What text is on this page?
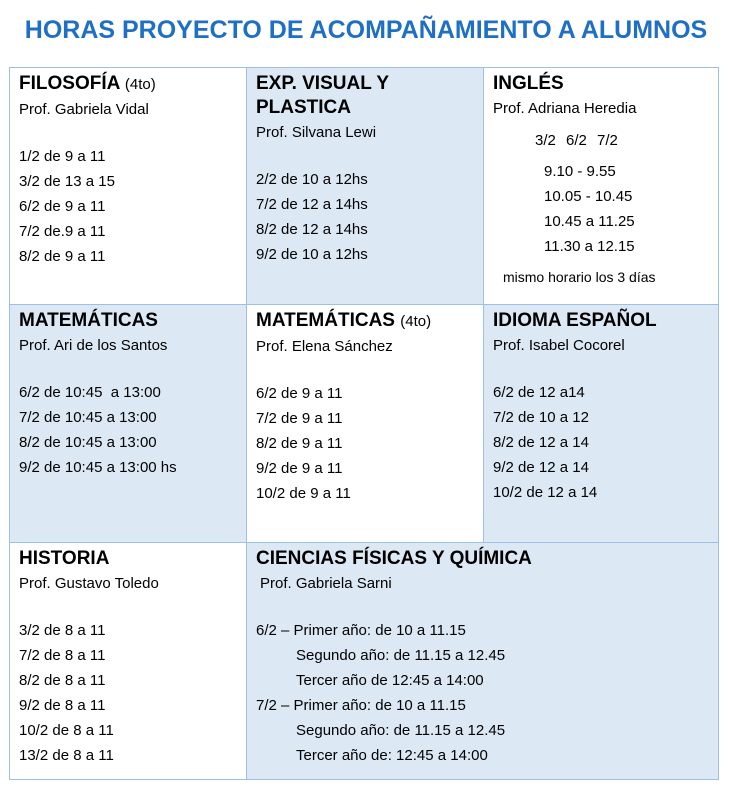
HORAS PROYECTO DE ACOMPAÑAMIENTO A ALUMNOS
FILOSOFÍA (4to)
Prof. Gabriela Vidal
1/2 de 9 a 11
3/2 de 13 a 15
6/2 de 9 a 11
7/2 de.9 a 11
8/2 de 9 a 11
EXP. VISUAL Y
PLASTICA
Prof. Silvana Lewi
2/2 de 10 a 12hs
7/2 de 12 a 14hs
8/2 de 12 a 14hs
9/2 de 10 a 12hs
INGLÉS
Prof. Adriana Heredia
3/2 6/2 7/2
9.10 - 9.55
10.05 - 10.45
10.45 a 11.25
11.30 a 12.15
mismo horario los 3 días
MATEMÁTICAS
Prof. Ari de los Santos
6/2 de 10:45  a 13:00
7/2 de 10:45 a 13:00
8/2 de 10:45 a 13:00
9/2 de 10:45 a 13:00 hs
MATEMÁTICAS (4to)
Prof. Elena Sánchez
6/2 de 9 a 11
7/2 de 9 a 11
8/2 de 9 a 11
9/2 de 9 a 11
10/2 de 9 a 11
IDIOMA ESPAÑOL
Prof. Isabel Cocorel
6/2 de 12 a14
7/2 de 10 a 12
8/2 de 12 a 14
9/2 de 12 a 14
10/2 de 12 a 14
HISTORIA
Prof. Gustavo Toledo
3/2 de 8 a 11
7/2 de 8 a 11
8/2 de 8 a 11
9/2 de 8 a 11
10/2 de 8 a 11
13/2 de 8 a 11
CIENCIAS FÍSICAS Y QUÍMICA
Prof. Gabriela Sarni
6/2 – Primer año: de 10 a 11.15
Segundo año: de 11.15 a 12.45
Tercer año de 12:45 a 14:00
7/2 – Primer año: de 10 a 11.15
Segundo año: de 11.15 a 12.45
Tercer año de: 12:45 a 14:00
